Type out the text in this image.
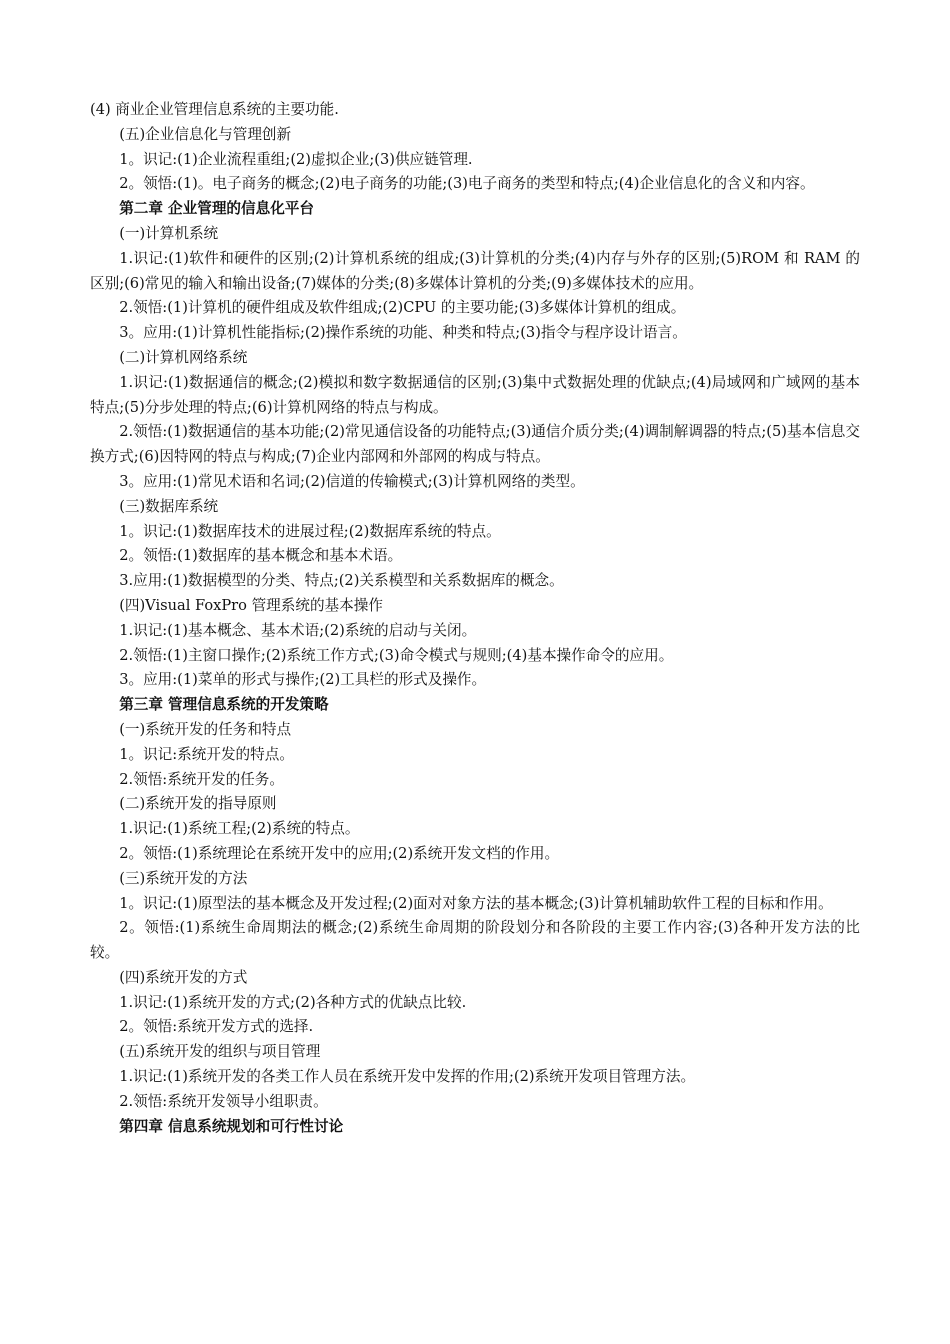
(4) 商业企业管理信息系统的主要功能.

(五)企业信息化与管理创新

1。识记:(1)企业流程重组;(2)虚拟企业;(3)供应链管理.

2。领悟:(1)。电子商务的概念;(2)电子商务的功能;(3)电子商务的类型和特点;(4)企业信息化的含义和内容。

第二章 企业管理的信息化平台

(一)计算机系统

1.识记:(1)软件和硬件的区别;(2)计算机系统的组成;(3)计算机的分类;(4)内存与外存的区别;(5)ROM 和 RAM 的区别;(6)常见的输入和输出设备;(7)媒体的分类;(8)多媒体计算机的分类;(9)多媒体技术的应用。

2.领悟:(1)计算机的硬件组成及软件组成;(2)CPU 的主要功能;(3)多媒体计算机的组成。

3。应用:(1)计算机性能指标;(2)操作系统的功能、种类和特点;(3)指令与程序设计语言。

(二)计算机网络系统

1.识记:(1)数据通信的概念;(2)模拟和数字数据通信的区别;(3)集中式数据处理的优缺点;(4)局域网和广域网的基本特点;(5)分步处理的特点;(6)计算机网络的特点与构成。

2.领悟:(1)数据通信的基本功能;(2)常见通信设备的功能特点;(3)通信介质分类;(4)调制解调器的特点;(5)基本信息交换方式;(6)因特网的特点与构成;(7)企业内部网和外部网的构成与特点。

3。应用:(1)常见术语和名词;(2)信道的传输模式;(3)计算机网络的类型。

(三)数据库系统

1。识记:(1)数据库技术的进展过程;(2)数据库系统的特点。

2。领悟:(1)数据库的基本概念和基本术语。

3.应用:(1)数据模型的分类、特点;(2)关系模型和关系数据库的概念。

(四)Visual FoxPro 管理系统的基本操作

1.识记:(1)基本概念、基本术语;(2)系统的启动与关闭。

2.领悟:(1)主窗口操作;(2)系统工作方式;(3)命令模式与规则;(4)基本操作命令的应用。

3。应用:(1)菜单的形式与操作;(2)工具栏的形式及操作。

第三章 管理信息系统的开发策略

(一)系统开发的任务和特点

1。识记:系统开发的特点。

2.领悟:系统开发的任务。

(二)系统开发的指导原则

1.识记:(1)系统工程;(2)系统的特点。

2。领悟:(1)系统理论在系统开发中的应用;(2)系统开发文档的作用。

(三)系统开发的方法

1。识记:(1)原型法的基本概念及开发过程;(2)面对对象方法的基本概念;(3)计算机辅助软件工程的目标和作用。

2。领悟:(1)系统生命周期法的概念;(2)系统生命周期的阶段划分和各阶段的主要工作内容;(3)各种开发方法的比较。

(四)系统开发的方式

1.识记:(1)系统开发的方式;(2)各种方式的优缺点比较.

2。领悟:系统开发方式的选择.

(五)系统开发的组织与项目管理

1.识记:(1)系统开发的各类工作人员在系统开发中发挥的作用;(2)系统开发项目管理方法。

2.领悟:系统开发领导小组职责。

第四章 信息系统规划和可行性讨论
